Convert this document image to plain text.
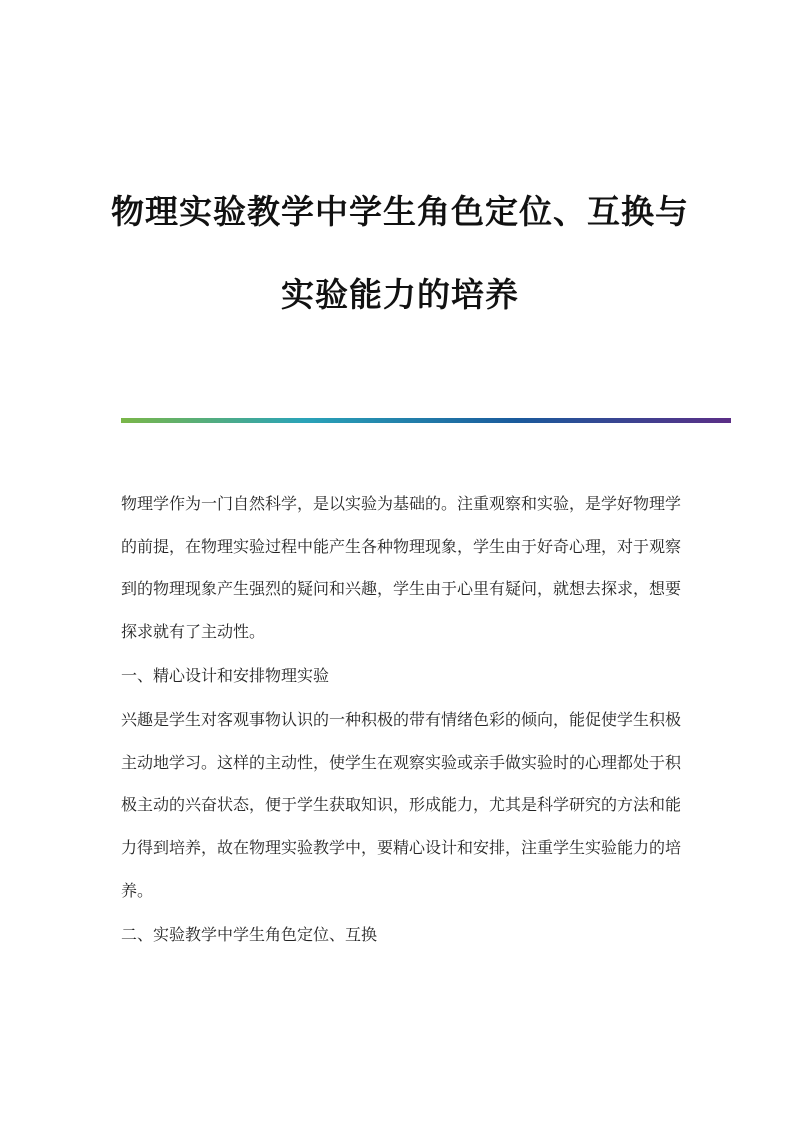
物理实验教学中学生角色定位、互换与
实验能力的培养

物理学作为一门自然科学，是以实验为基础的。注重观察和实验，是学好物理学的前提，在物理实验过程中能产生各种物理现象，学生由于好奇心理，对于观察到的物理现象产生强烈的疑问和兴趣，学生由于心里有疑问，就想去探求，想要探求就有了主动性。

一、精心设计和安排物理实验

兴趣是学生对客观事物认识的一种积极的带有情绪色彩的倾向，能促使学生积极主动地学习。这样的主动性，使学生在观察实验或亲手做实验时的心理都处于积极主动的兴奋状态，便于学生获取知识，形成能力，尤其是科学研究的方法和能力得到培养，故在物理实验教学中，要精心设计和安排，注重学生实验能力的培养。

二、实验教学中学生角色定位、互换
